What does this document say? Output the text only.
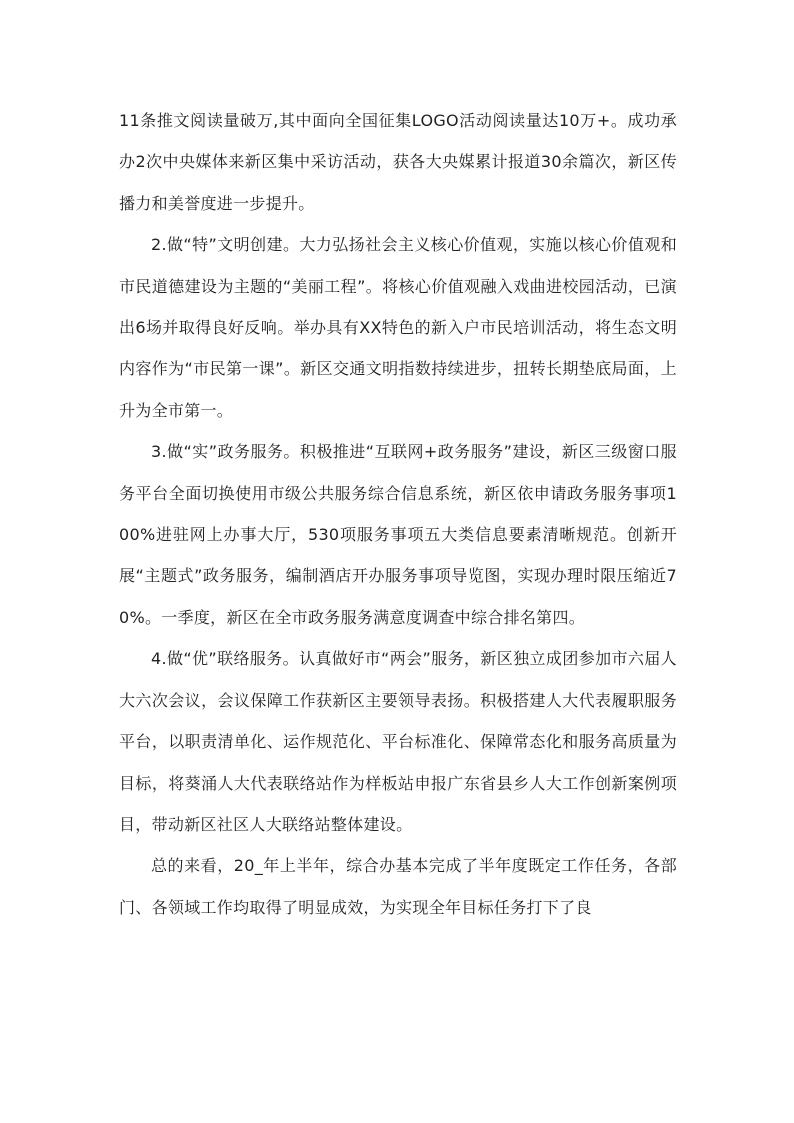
11条推文阅读量破万,其中面向全国征集LOGO活动阅读量达10万+。成功承办2次中央媒体来新区集中采访活动，获各大央媒累计报道30余篇次，新区传播力和美誉度进一步提升。

2.做“特”文明创建。大力弘扬社会主义核心价值观，实施以核心价值观和市民道德建设为主题的“美丽工程”。将核心价值观融入戏曲进校园活动，已演出6场并取得良好反响。举办具有XX特色的新入户市民培训活动，将生态文明内容作为“市民第一课”。新区交通文明指数持续进步，扭转长期垫底局面，上升为全市第一。

3.做“实”政务服务。积极推进“互联网+政务服务”建设，新区三级窗口服务平台全面切换使用市级公共服务综合信息系统，新区依申请政务服务事项100%进驻网上办事大厅，530项服务事项五大类信息要素清晰规范。创新开展“主题式”政务服务，编制酒店开办服务事项导览图，实现办理时限压缩近70%。一季度，新区在全市政务服务满意度调查中综合排名第四。

4.做“优”联络服务。认真做好市“两会”服务，新区独立成团参加市六届人大六次会议，会议保障工作获新区主要领导表扬。积极搭建人大代表履职服务平台，以职责清单化、运作规范化、平台标准化、保障常态化和服务高质量为目标，将葵涌人大代表联络站作为样板站申报广东省县乡人大工作创新案例项目，带动新区社区人大联络站整体建设。

总的来看，20_年上半年，综合办基本完成了半年度既定工作任务，各部门、各领域工作均取得了明显成效，为实现全年目标任务打下了良
